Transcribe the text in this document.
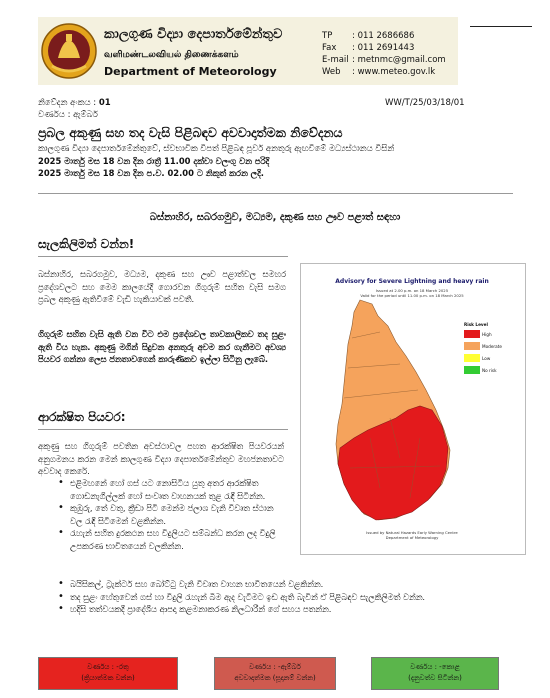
කාලගුණ විද්‍යා දෙපාර්තමේන්තුව
வளிமண்டலவியல் திணைக்களம்
Department of Meteorology
TP	: 011 2686686
Fax	: 011 2691443
E-mail : metnmc@gmail.com
Web	: www.meteo.gov.lk
නිවේදන අංකය : 01
වර්ණය : ඇම්බර්
WW/T/25/03/18/01
ප්‍රබල අකුණු සහ තද වැසි පිළිබඳව අවවාදාත්මක නිවේදනය
කාලගුණ විද්‍යා දෙපාර්තමේන්තුවේ, ස්වභාවික විපත් පිළිබඳ පූර්ව අනතුරු ඇඟවීමේ මධ්‍යස්ථානය විසින්
2025 මාර්තු මස 18 වන දින රාත්‍රී 11.00 දක්වා වලංගු වන පරිදි
2025 මාර්තු මස 18 වන දින ප.ව. 02.00 ට නිකුත් කරන ලදි.
බස්නාහිර, සබරගමුව, මධ්‍යම, දකුණ සහ ඌව පළාත් සඳහා
සැලකිලිමත් වන්න!
බස්නාහිර, සබරගමුව, මධ්‍යම, දකුණ සහ ඌව පළාත්වල සමහර ප්‍රදේශවලට සහ මෙම කාලයේදී ගොරවන ගිගුරුම් සහිත වැසි සමග ප්‍රබල අකුණු ඇතිවීමේ වැඩි හැකියාවක් පවතී.
ගිගුරුම් සහිත වැසි ඇති වන විට එම ප්‍රදේශවල තාවකාලිකව තද සුළං ඇති විය හැක. අකුණු මගින් සිදුවන අනතුරු අවම කර ගැනීමට අවශ්‍ය පියවර ගන්නා ලෙස ජනතාවගෙන් කාරුණිකව ඉල්ලා සිටිනු ලැබේ.
ආරක්ෂිත පියවර:
අකුණු සහ ගිගුරුම් පවතින අවස්ථාවල පහත ආරක්ෂිත පියවරයන් අනුගමනය කරන මෙන් කාලගුණ විද්‍යා දෙපාර්තමේන්තුව මහජනතාවට අවවාද කෙරේ.
• එළිමහනේ හෝ ගස් යට නොසිටිය යුතු අතර ආරක්ෂිත ගොඩනැගිල්ලක් හෝ සංවෘත වාහනයක් තුළ රැඳී සිටින්න.
• කුඹුරු, තේ වතු, ක්‍රීඩා පිටි මෙන්ම ජලාශ වැනි විවෘත ස්ථාන වල රැඳී සිටීමෙන් වළකින්න.
• රැහැන් සහිත දුරකථන සහ විදුලියට සම්බන්ධ කරන ලද විදුලි උපකරණ භාවිතයෙන් වලකින්න.
• බයිසිකල්, ට්‍රැක්ටර් සහ බෝට්ටු වැනි විවෘත වාහන භාවිතයෙන් වළකින්න.
• තද සුළං හේතුවෙන් ගස් හා විදුලි රැහැන් බිම ඇද වැටීමට ඉඩ ඇති බැවින් ඒ පිළිබඳව සැලකිලිමත් වන්න.
• හදිසි තත්වයකදී ප්‍රාදේශීය ආපදා කළමනාකරණ නිලධාරීන් ගේ සහය පතන්න.
Advisory for Severe Lightning and heavy rain
Issued at 2.00 p.m. on 18 March 2025
Valid for the period until 11.00 p.m. on 18 March 2025
Risk Level
High
Moderate
Low
No risk
Issued by Natural Hazards Early Warning Centre
Department of Meteorology
වර්ණය : -රතු
(ක්‍රියාත්මක වන්න)
වර්ණය : -ඇම්බර්
අවවාදාත්මක (සූදානම් වන්න)
වර්ණය : -කොළ
(දැනුවත්ව සිටින්න)
